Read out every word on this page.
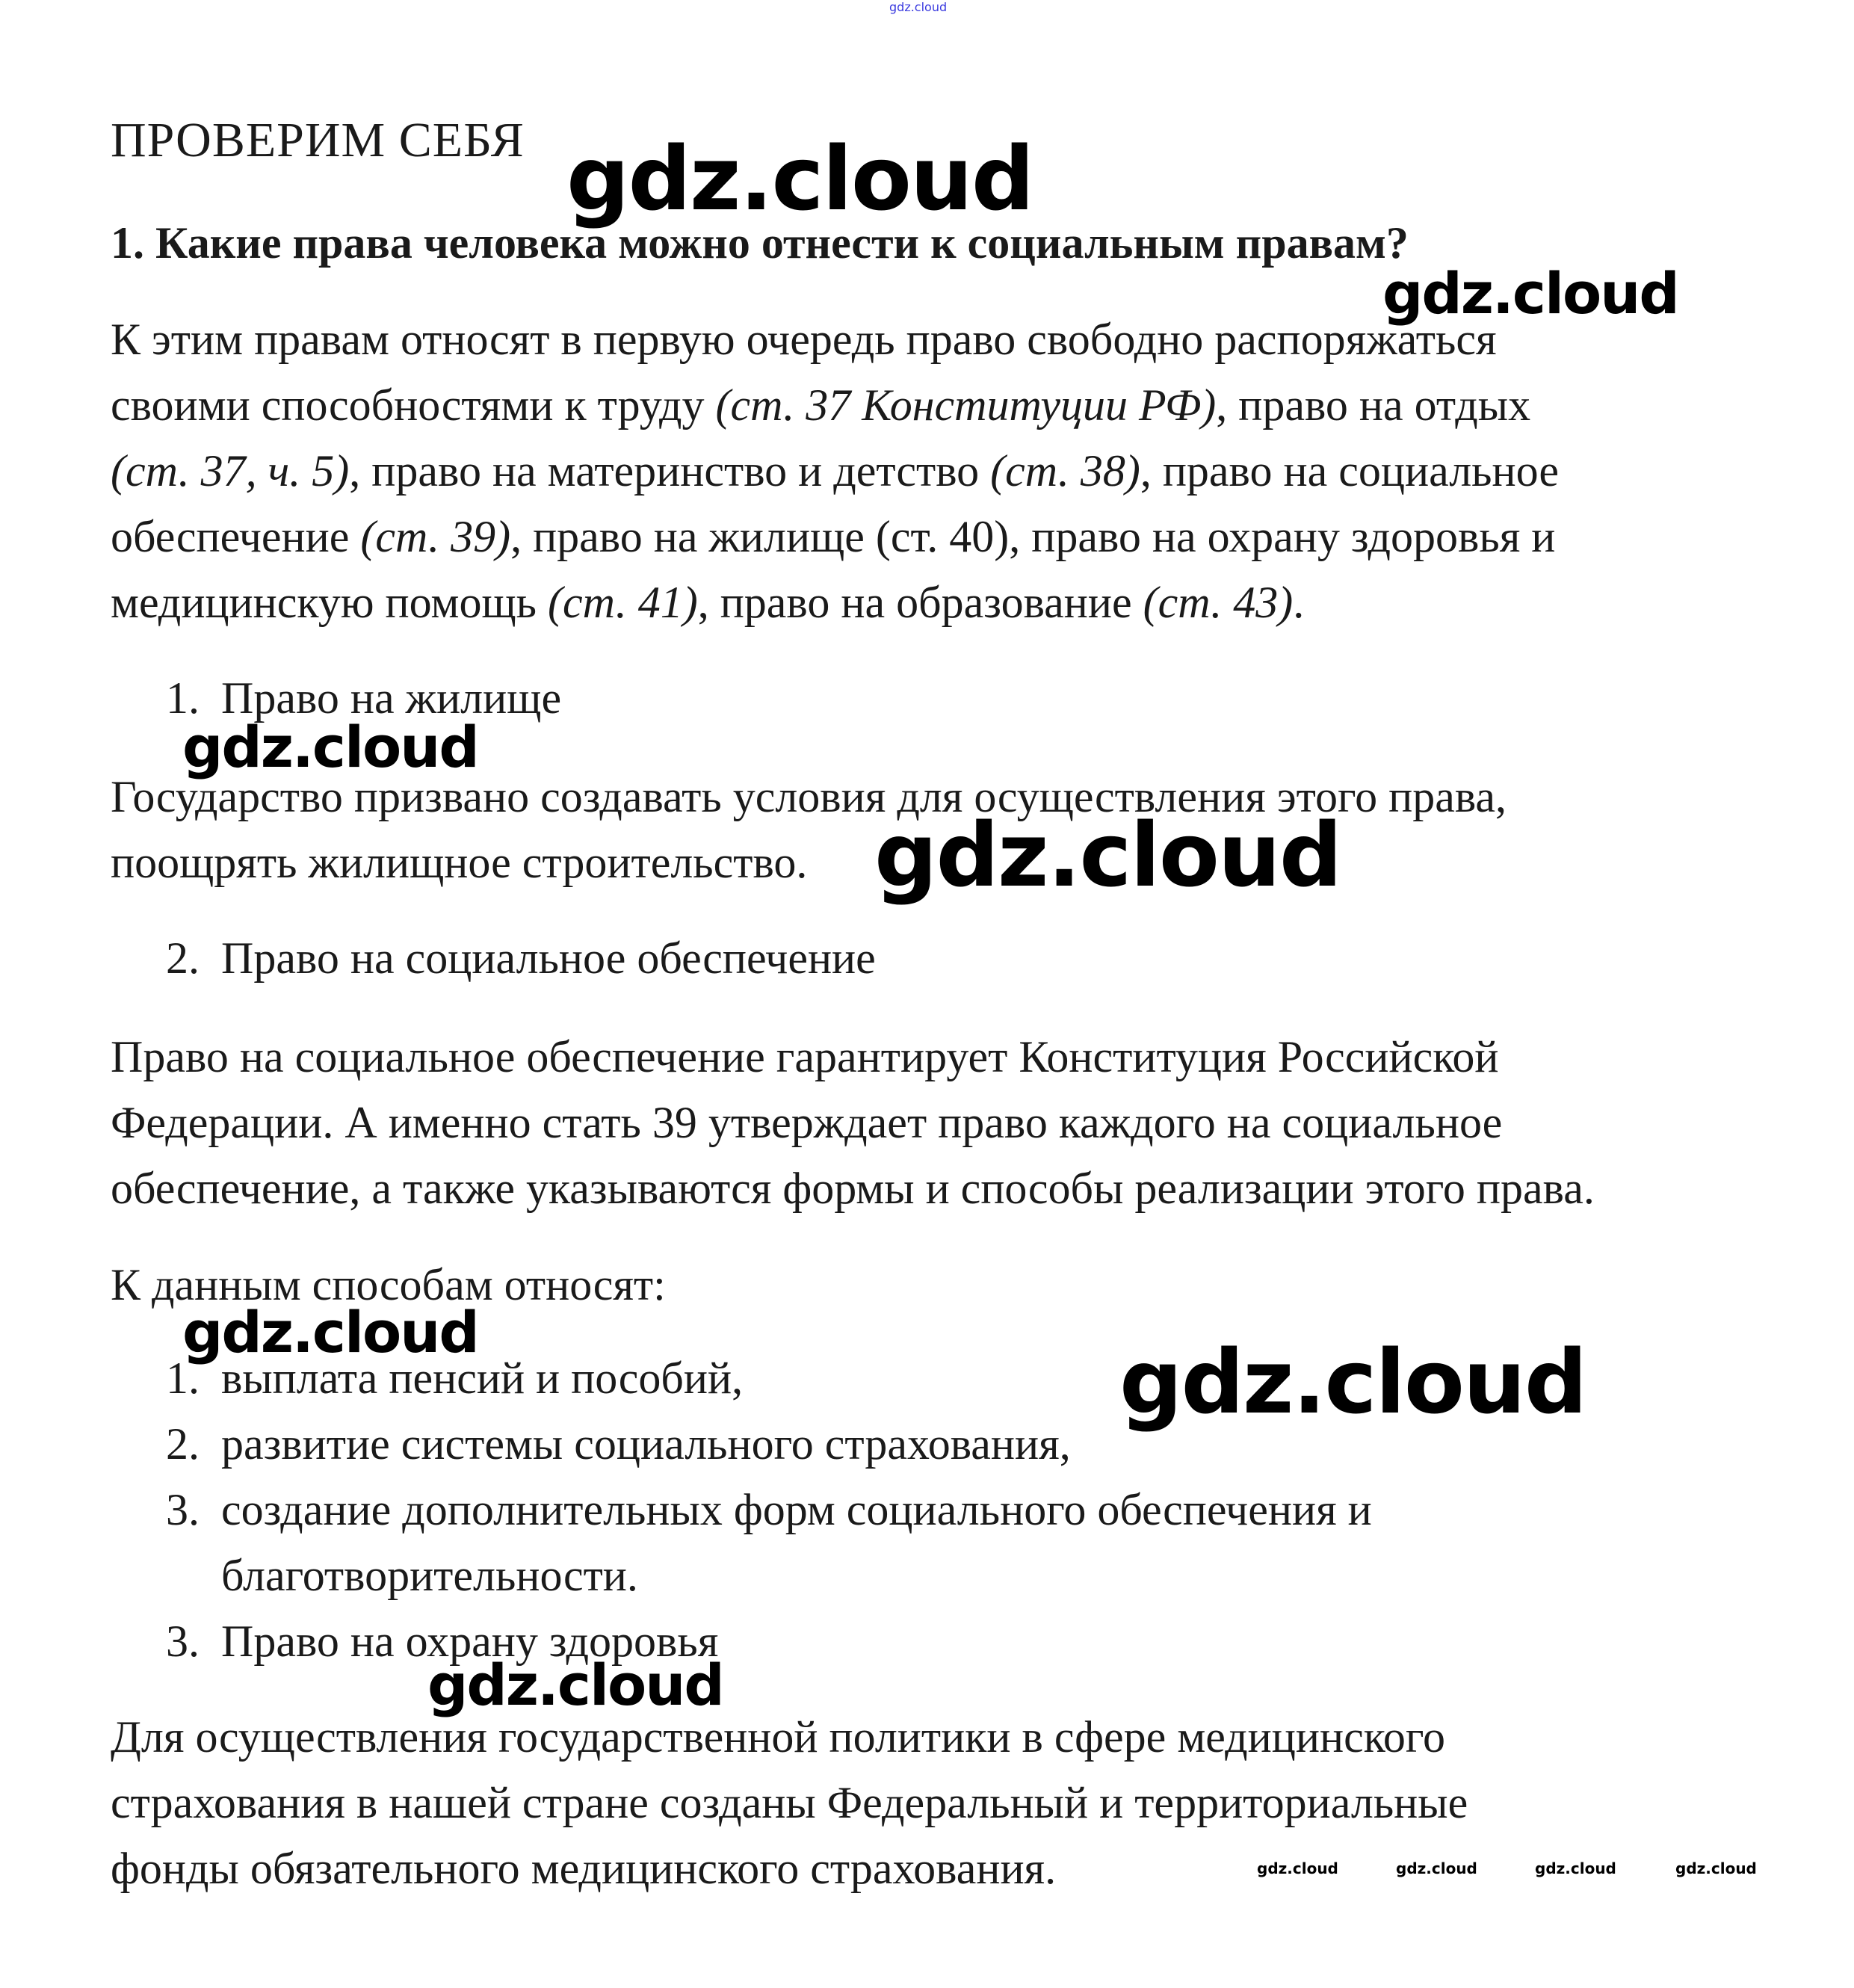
gdz.cloud
ПРОВЕРИМ СЕБЯ
1. Какие права человека можно отнести к социальным правам?
К этим правам относят в первую очередь право свободно распоряжаться
своими способностями к труду (ст. 37 Конституции РФ), право на отдых
(ст. 37, ч. 5), право на материнство и детство (ст. 38), право на социальное
обеспечение (ст. 39), право на жилище (ст. 40), право на охрану здоровья и
медицинскую помощь (ст. 41), право на образование (ст. 43).
1. Право на жилище
Государство призвано создавать условия для осуществления этого права,
поощрять жилищное строительство.
2. Право на социальное обеспечение
Право на социальное обеспечение гарантирует Конституция Российской
Федерации. А именно стать 39 утверждает право каждого на социальное
обеспечение, а также указываются формы и способы реализации этого права.
К данным способам относят:
1. выплата пенсий и пособий,
2. развитие системы социального страхования,
3. создание дополнительных форм социального обеспечения и
благотворительности.
3. Право на охрану здоровья
Для осуществления государственной политики в сфере медицинского
страхования в нашей стране созданы Федеральный и территориальные
фонды обязательного медицинского страхования.
gdz.cloud
gdz.cloud
gdz.cloud
gdz.cloud
gdz.cloud	gdz.cloud
gdz.cloud
gdz.cloud	gdz.cloud	gdz.cloud	gdz.cloud
